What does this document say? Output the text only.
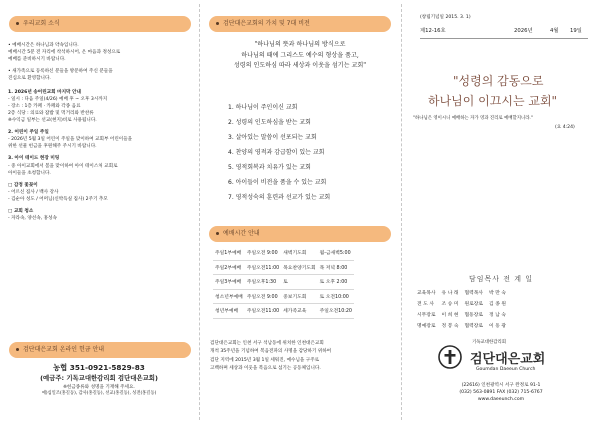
우리교회 소식
• 예배시간은 하나님과 약속입니다.
예배시간 5분 전 자리에 착석하시어, 온 마음과 정성으로
예배를 준비하시기 바랍니다.
• 새가족으로 등록하신 분들을 방문하여 주신 분들을
진심으로 환영합니다.
1. 2026년 송어린교회 마지막 안내
- 일시 : 다음 주일(4/26) 예배 후 ~ 오후 3시까지
- 장소 : 1층 카페 · 카페와 각종 음료
2층 식당 : 의료와 잡밥 및 먹거리와 반찬류
※수익금 일부는 선교(현지)비로 사용됩니다.
2. 어린이 주일 주일
- 2026년 5월 3일 어린이 주일을 맞이하여 교회부 어린이들을
위한 선물 헌금을 후원해주 주시기 바랍니다.
3. 아이 테이드 현장 미팅
- 중 아이교회에서 봄을 맞이하여 아이 테이스처 교회로
아이들을 초청합니다.
□ 감정 꽃꽂이
- 어르신 집사 / 백사 강사
- 김순아 성도 / 어머님(신박득실 집사) 2주기 추모
□ 교회 청소
- 자라속, 양선속, 홍성속
검단대은교회 온라인 헌금 안내
농협 351-0921-5829-83
(예금주: 기독교대한감리회 검단대은교회)
※헌금종류와 성명을 기재해 주세요.
예)십일조(홍길동), 감사(홍길동), 선교(홍길동), 성전(홍길동)
검단대은교회의 가치 및 7대 비전
"하나님의 뜻과 하나님의 방식으로
하나님의 때에 그리스도 예수의 형상을 품고,
성령의 인도하심 따라 세상과 이웃을 섬기는 교회"
1. 하나님이 주인이신 교회
2. 성령의 인도하심을 받는 교회
3. 살아있는 말씀이 선포되는 교회
4. 찬양의 영적과 감급함이 있는 교회
5. 영적회복과 치유가 있는 교회
6. 아이들이 비전을 품을 수 있는 교회
7. 영적성숙의 훈련과 선교가 있는 교회
예배시간 안내
주일1부예배	주일오전 9:00	새벽기도회	월-금새벽5:00
주일2부예배	주일오전11:00	목요찬양기도회	목 저녁 8:00
주일3부예배	주일오후1:30	토	토 오후 2:00
청소년부예배	주일오전 9:00	중보기도회	토 오전10:00
청년부예배	주일오전11:00	세가족교육	주일오전10:20
검단대은교회는 인천 서구 석남동에 위치한 인천대은교회
개척 35주년을 기념하여 복음전파의 사명을 감당하기 위하여
검단 지역에 2015년 3월 1일 세워진, 예수님을 구주로
고백하며 세상과 이웃을 복음으로 섬기는 공동체입니다.
(창립기념일 2015. 3. 1)
제12-16호	2026년	4월 19일
"성령의 감동으로
하나님이 이끄시는 교회"
"하나님은 영이시니 예배하는 자가 영과 진리로 예배할지니라."
(요 4:24)
담임목사 전 계 일
교육목사	유 나 래	협력목사	박 만 숙
전 도 사	조 승 미	원로장로	김 종 원
시무장로	이 희 현	협동장로	정 남 숙
명예장로	정 봉 숙	협력장로	이 동 광
기독교대한감리회
검단대은교회
Goumdan Daeeun Church
(22616) 인천광역시 서구 완정로 91-1
(032) 563-0891 FAX (032) 715-6767
www.daeeunch.com
